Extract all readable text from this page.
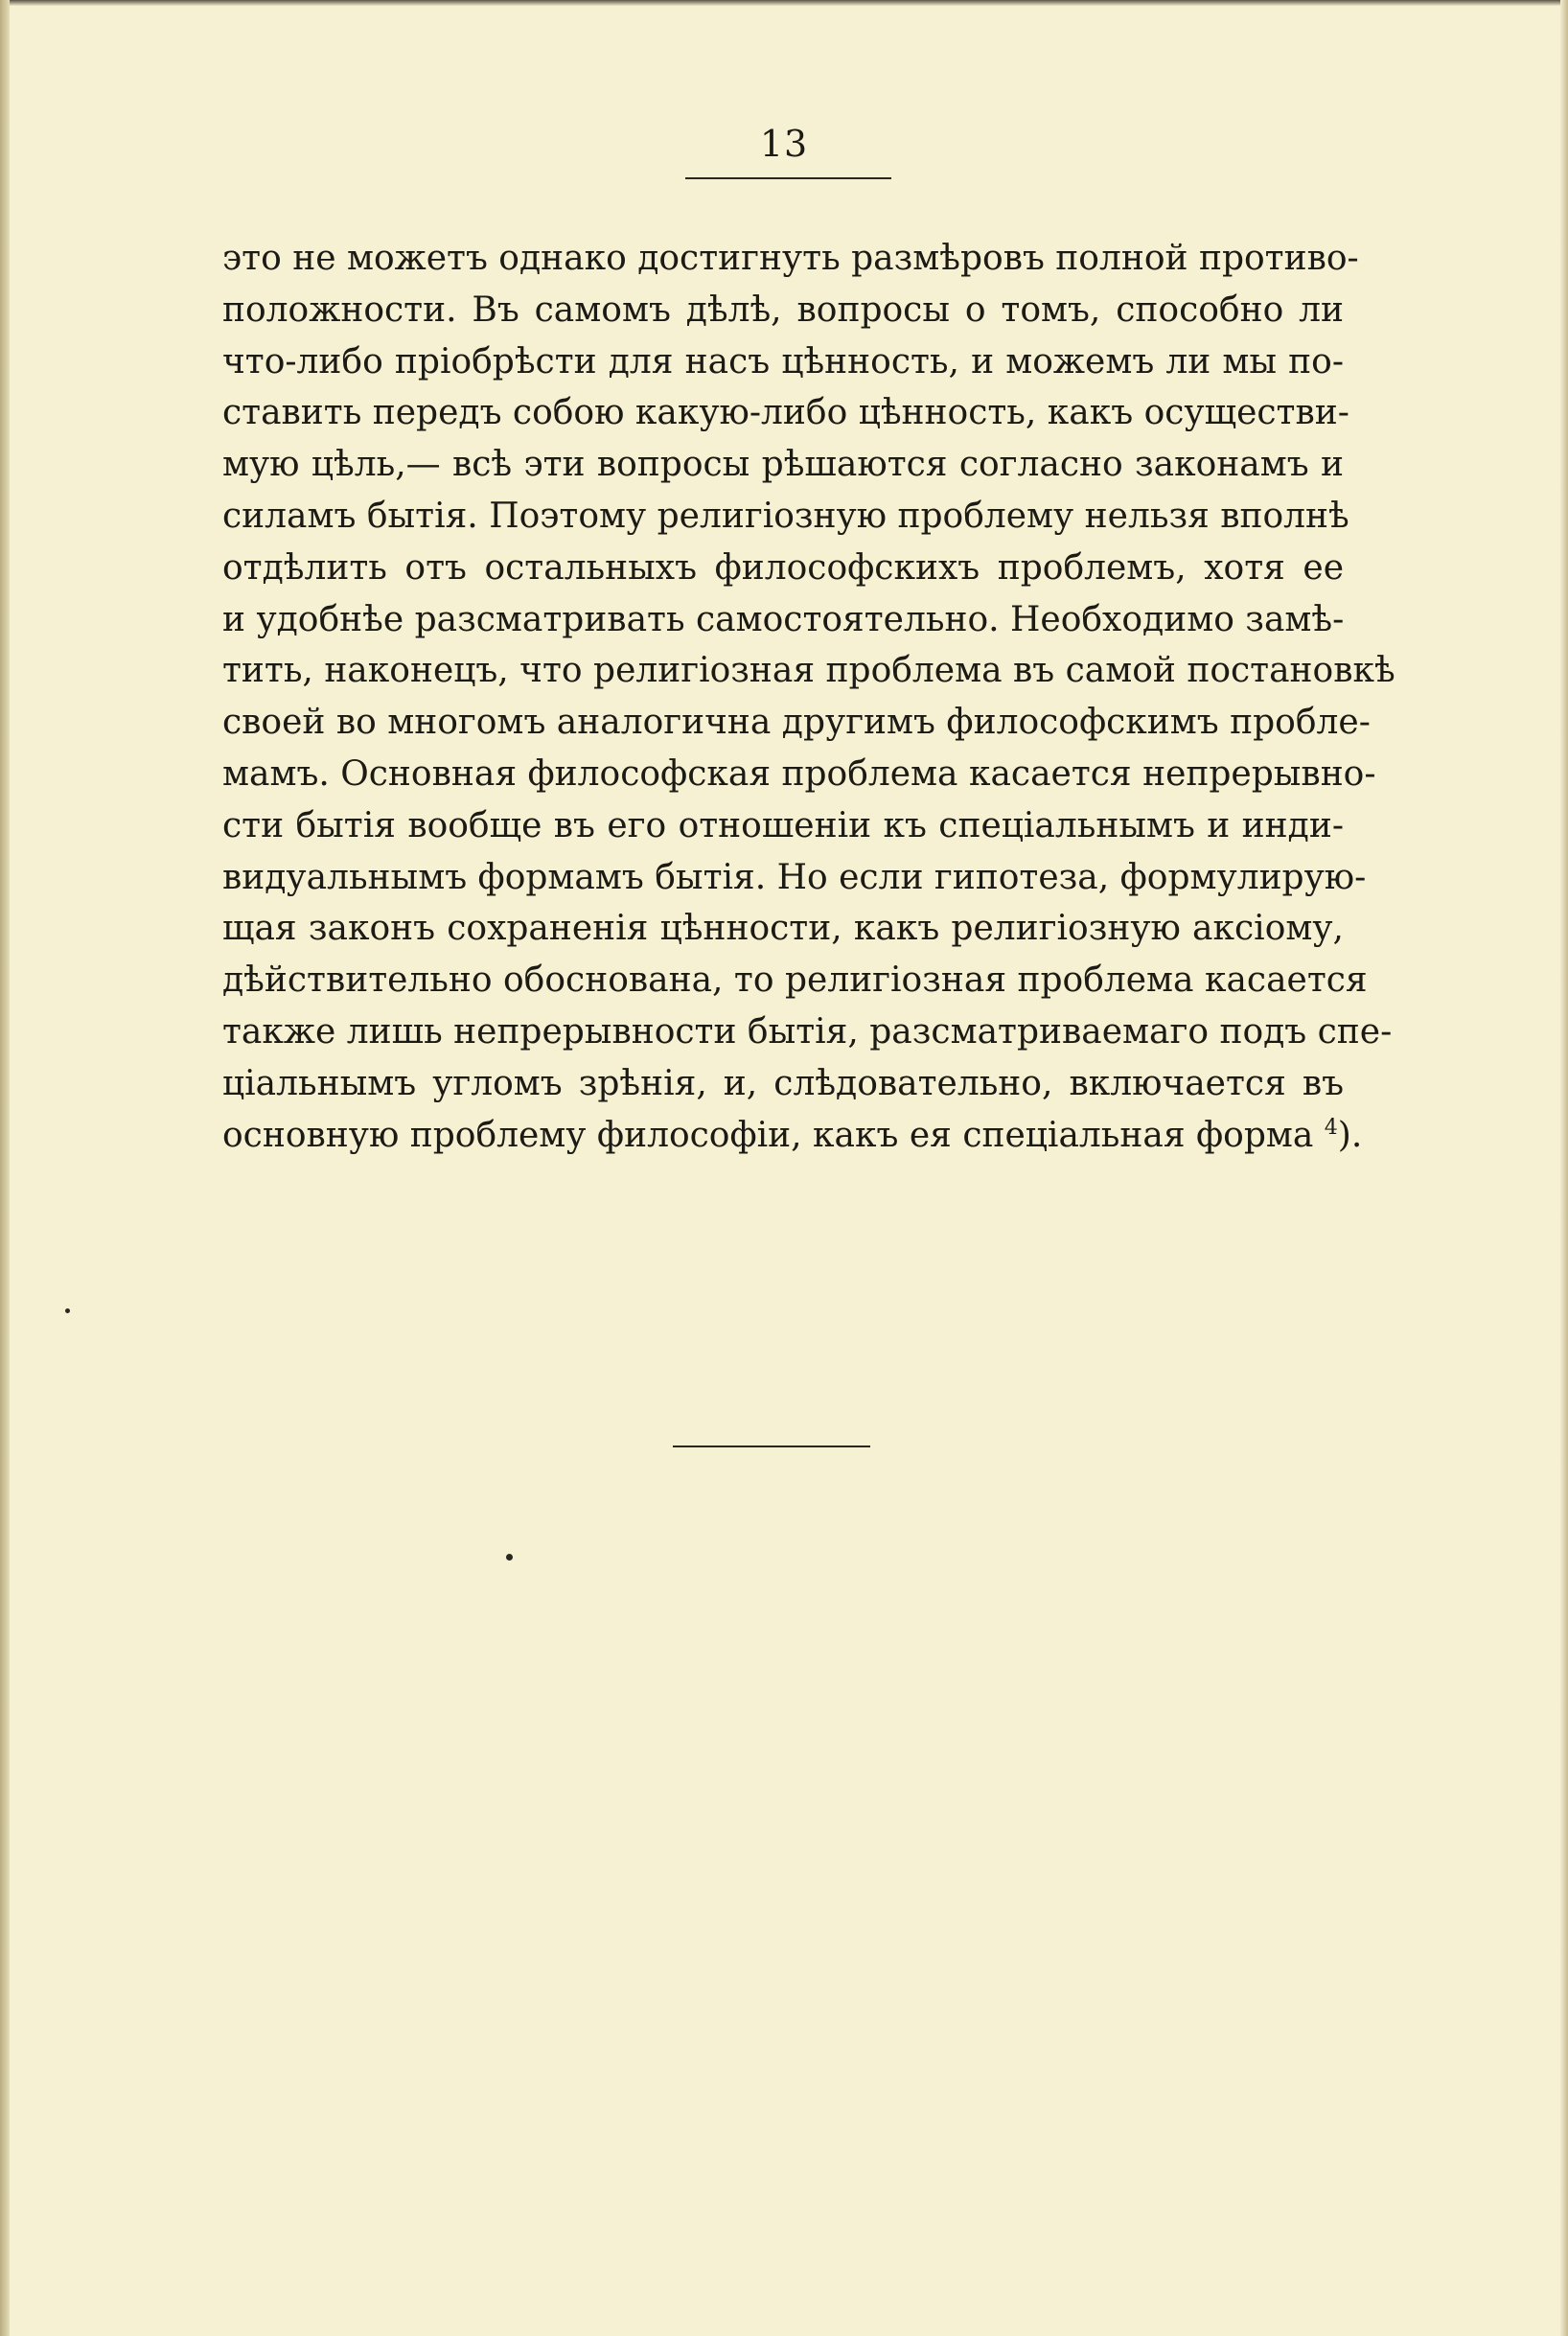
13
это не можетъ однако достигнуть размѣровъ полной противо-
положности. Въ самомъ дѣлѣ, вопросы о томъ, способно ли
что-либо пріобрѣсти для насъ цѣнность, и можемъ ли мы по-
ставить передъ собою какую-либо цѣнность, какъ осуществи-
мую цѣль,— всѣ эти вопросы рѣшаются согласно законамъ и
силамъ бытія. Поэтому религіозную проблему нельзя вполнѣ
отдѣлить отъ остальныхъ философскихъ проблемъ, хотя ее
и удобнѣе разсматривать самостоятельно. Необходимо замѣ-
тить, наконецъ, что религіозная проблема въ самой постановкѣ
своей во многомъ аналогична другимъ философскимъ пробле-
мамъ. Основная философская проблема касается непрерывно-
сти бытія вообще въ его отношеніи къ спеціальнымъ и инди-
видуальнымъ формамъ бытія. Но если гипотеза, формулирую-
щая законъ сохраненія цѣнности, какъ религіозную аксіому,
дѣйствительно обоснована, то религіозная проблема касается
также лишь непрерывности бытія, разсматриваемаго подъ спе-
ціальнымъ угломъ зрѣнія, и, слѣдовательно, включается въ
основную проблему философіи, какъ ея спеціальная форма $^4$).
